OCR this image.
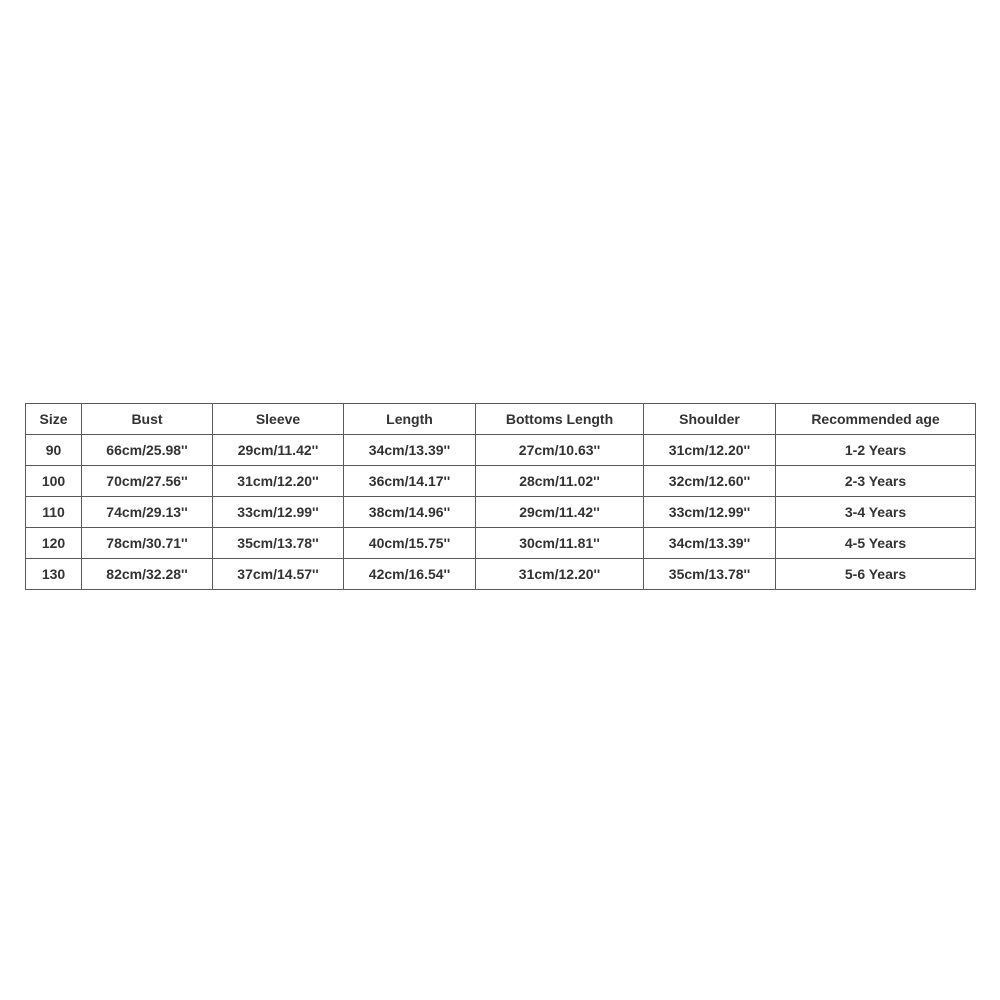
Size	Bust	Sleeve	Length	Bottoms Length	Shoulder	Recommended age
90	66cm/25.98''	29cm/11.42''	34cm/13.39''	27cm/10.63''	31cm/12.20''	1-2 Years
100	70cm/27.56''	31cm/12.20''	36cm/14.17''	28cm/11.02''	32cm/12.60''	2-3 Years
110	74cm/29.13''	33cm/12.99''	38cm/14.96''	29cm/11.42''	33cm/12.99''	3-4 Years
120	78cm/30.71''	35cm/13.78''	40cm/15.75''	30cm/11.81''	34cm/13.39''	4-5 Years
130	82cm/32.28''	37cm/14.57''	42cm/16.54''	31cm/12.20''	35cm/13.78''	5-6 Years
